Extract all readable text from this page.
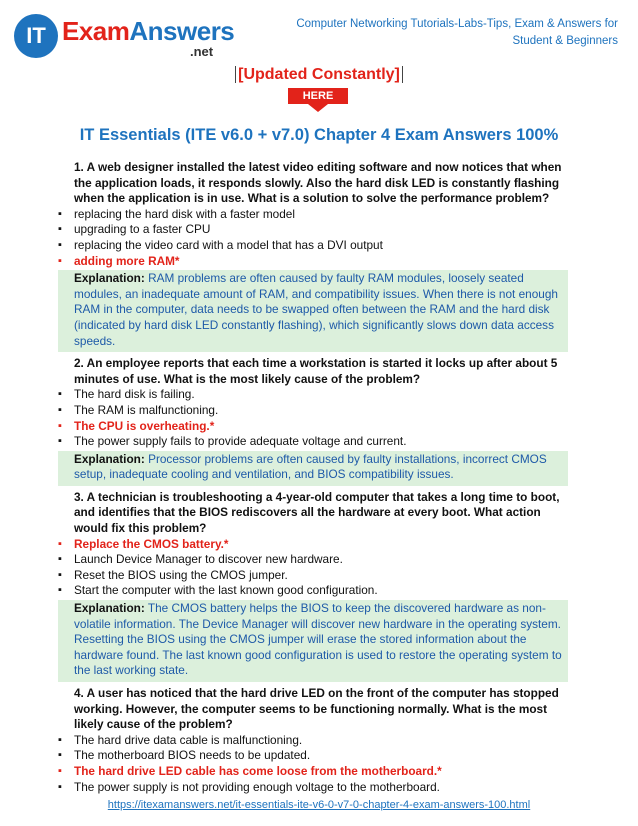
IT ExamAnswers
.net
Computer Networking Tutorials-Labs-Tips, Exam & Answers for Student & Beginners
[Updated Constantly]
HERE
IT Essentials (ITE v6.0 + v7.0) Chapter 4 Exam Answers 100%
1. A web designer installed the latest video editing software and now notices that when the application loads, it responds slowly. Also the hard disk LED is constantly flashing when the application is in use. What is a solution to solve the performance problem?
▪ replacing the hard disk with a faster model
▪ upgrading to a faster CPU
▪ replacing the video card with a model that has a DVI output
▪ adding more RAM*
Explanation: RAM problems are often caused by faulty RAM modules, loosely seated modules, an inadequate amount of RAM, and compatibility issues. When there is not enough RAM in the computer, data needs to be swapped often between the RAM and the hard disk (indicated by hard disk LED constantly flashing), which significantly slows down data access speeds.
2. An employee reports that each time a workstation is started it locks up after about 5 minutes of use. What is the most likely cause of the problem?
▪ The hard disk is failing.
▪ The RAM is malfunctioning.
▪ The CPU is overheating.*
▪ The power supply fails to provide adequate voltage and current.
Explanation: Processor problems are often caused by faulty installations, incorrect CMOS setup, inadequate cooling and ventilation, and BIOS compatibility issues.
3. A technician is troubleshooting a 4-year-old computer that takes a long time to boot, and identifies that the BIOS rediscovers all the hardware at every boot. What action would fix this problem?
▪ Replace the CMOS battery.*
▪ Launch Device Manager to discover new hardware.
▪ Reset the BIOS using the CMOS jumper.
▪ Start the computer with the last known good configuration.
Explanation: The CMOS battery helps the BIOS to keep the discovered hardware as non-volatile information. The Device Manager will discover new hardware in the operating system. Resetting the BIOS using the CMOS jumper will erase the stored information about the hardware found. The last known good configuration is used to restore the operating system to the last working state.
4. A user has noticed that the hard drive LED on the front of the computer has stopped working. However, the computer seems to be functioning normally. What is the most likely cause of the problem?
▪ The hard drive data cable is malfunctioning.
▪ The motherboard BIOS needs to be updated.
▪ The hard drive LED cable has come loose from the motherboard.*
▪ The power supply is not providing enough voltage to the motherboard.
https://itexamanswers.net/it-essentials-ite-v6-0-v7-0-chapter-4-exam-answers-100.html
